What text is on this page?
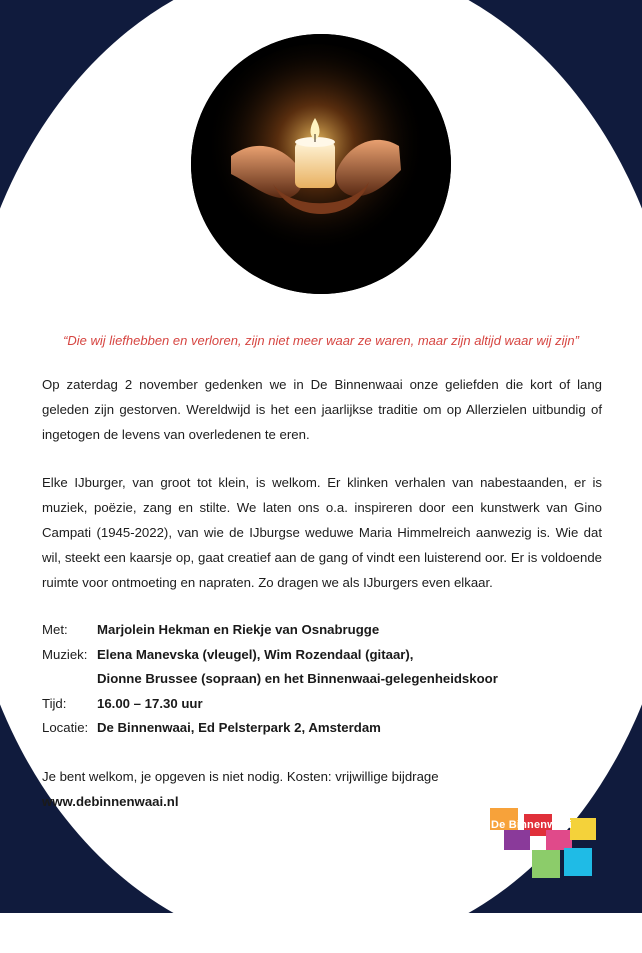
“Die wij liefhebben en verloren, zijn niet meer waar ze waren, maar zijn altijd waar wij zijn”
Op zaterdag 2 november gedenken we in De Binnenwaai onze geliefden die kort of lang geleden zijn gestorven. Wereldwijd is het een jaarlijkse traditie om op Allerzielen uitbundig of ingetogen de levens van overledenen te eren.
Elke IJburger, van groot tot klein, is welkom. Er klinken verhalen van nabestaanden, er is muziek, poëzie, zang en stilte. We laten ons o.a. inspireren door een kunstwerk van Gino Campati (1945-2022), van wie de IJburgse weduwe Maria Himmelreich aanwezig is. Wie dat wil, steekt een kaarsje op, gaat creatief aan de gang of vindt een luisterend oor. Er is voldoende ruimte voor ontmoeting en napraten. Zo dragen we als IJburgers even elkaar.
Met:	Marjolein Hekman en Riekje van Osnabrugge
Muziek: Elena Manevska (vleugel), Wim Rozendaal (gitaar),
Dionne Brussee (sopraan) en het Binnenwaai-gelegenheidskoor
Tijd:	16.00 – 17.30 uur
Locatie: De Binnenwaai, Ed Pelsterpark 2, Amsterdam
Je bent welkom, je opgeven is niet nodig. Kosten: vrijwillige bijdrage
www.debinnenwaai.nl
De Binnenwaai
